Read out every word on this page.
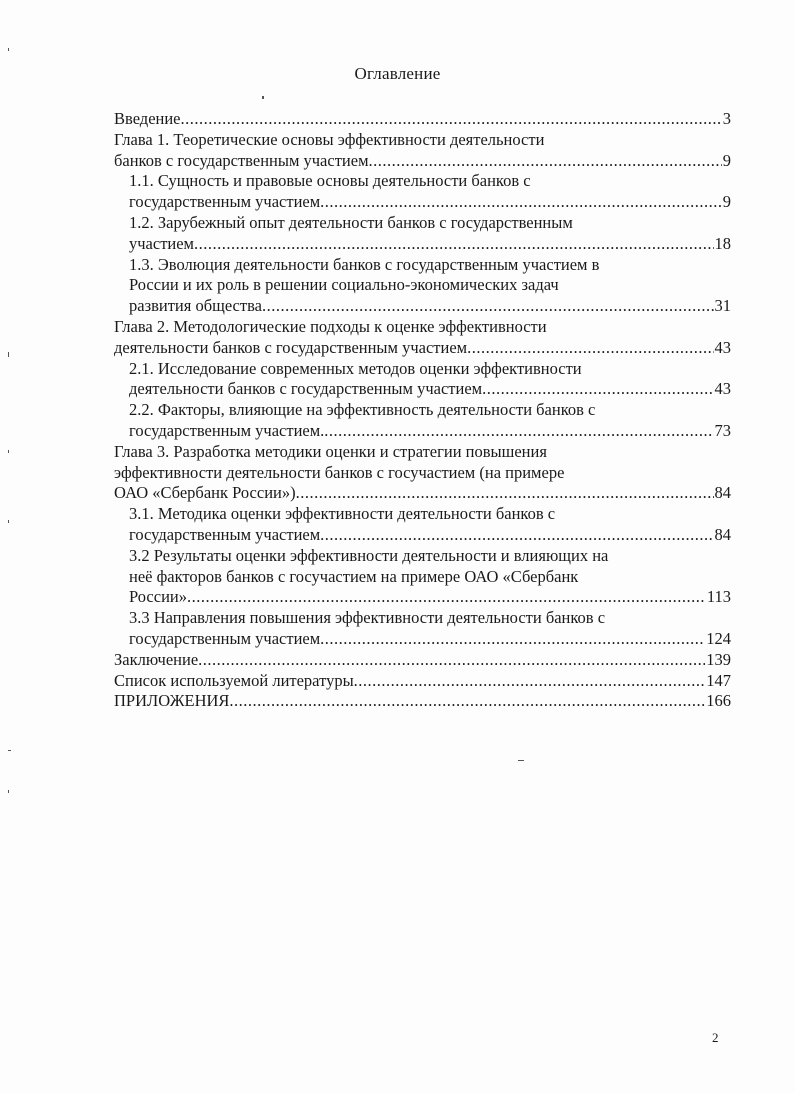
Оглавление
Введение .....	3
Глава 1. Теоретические основы эффективности деятельности
банков с государственным участием .....	9
1.1. Сущность и правовые основы деятельности банков с
государственным участием .....	9
1.2. Зарубежный опыт деятельности банков с государственным
участием .....	18
1.3. Эволюция деятельности банков с государственным участием в
России и их роль в решении социально-экономических задач
развития общества .....	31
Глава 2. Методологические подходы к оценке эффективности
деятельности банков с государственным участием .....	43
2.1. Исследование современных методов оценки эффективности
деятельности банков с государственным участием .....	43
2.2. Факторы, влияющие на эффективность деятельности банков с
государственным участием. .....	73
Глава 3. Разработка методики оценки и стратегии повышения
эффективности деятельности банков с госучастием (на примере
ОАО «Сбербанк России») .....	84
3.1. Методика оценки эффективности деятельности банков с
государственным участием .....	84
3.2 Результаты оценки эффективности деятельности и влияющих на
неё факторов банков с госучастием на примере ОАО «Сбербанк
России» .....	113
3.3 Направления повышения эффективности деятельности банков с
государственным участием .....	124
Заключение .....	139
Список используемой литературы .....	147
ПРИЛОЖЕНИЯ .....	166
2
